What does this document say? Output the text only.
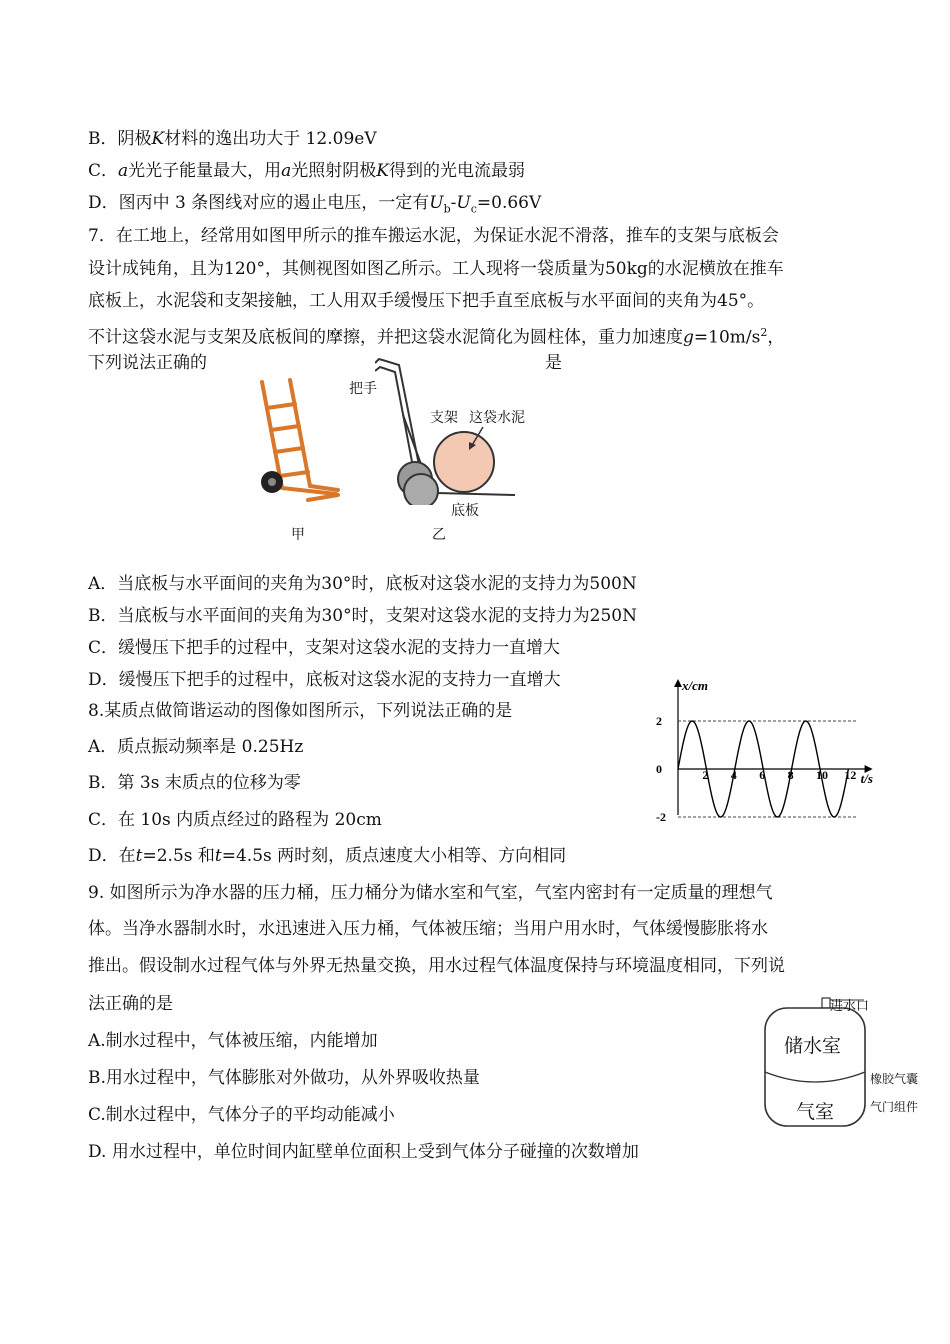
B．阴极K材料的逸出功大于 12.09eV
C．a光光子能量最大，用a光照射阴极K得到的光电流最弱
D．图丙中 3 条图线对应的遏止电压，一定有$U_b-U_c=0.66V$
7．在工地上，经常用如图甲所示的推车搬运水泥，为保证水泥不滑落，推车的支架与底板会
设计成钝角，且为120°，其侧视图如图乙所示。工人现将一袋质量为50kg的水泥横放在推车
底板上，水泥袋和支架接触，工人用双手缓慢压下把手直至底板与水平面间的夹角为45°。
不计这袋水泥与支架及底板间的摩擦，并把这袋水泥简化为圆柱体，重力加速度$g=10m/s^2$，
下列说法正确的	是
把手
支架 这袋水泥
底板
甲	乙
A．当底板与水平面间的夹角为30°时，底板对这袋水泥的支持力为500N
B．当底板与水平面间的夹角为30°时，支架对这袋水泥的支持力为250N
C．缓慢压下把手的过程中，支架对这袋水泥的支持力一直增大
D．缓慢压下把手的过程中，底板对这袋水泥的支持力一直增大
8.某质点做简谐运动的图像如图所示，下列说法正确的是
A．质点振动频率是 0.25Hz
B．第 3s 末质点的位移为零
C．在 10s 内质点经过的路程为 20cm
D．在t=2.5s 和t=4.5s 两时刻，质点速度大小相等、方向相同
2 4 6 8 10 12
2
0
-2
x/cm
t/s
9. 如图所示为净水器的压力桶，压力桶分为储水室和气室，气室内密封有一定质量的理想气
体。当净水器制水时，水迅速进入压力桶，气体被压缩；当用户用水时，气体缓慢膨胀将水
推出。假设制水过程气体与外界无热量交换，用水过程气体温度保持与环境温度相同，下列说
法正确的是
A.制水过程中，气体被压缩，内能增加
B.用水过程中，气体膨胀对外做功，从外界吸收热量
C.制水过程中，气体分子的平均动能减小
D. 用水过程中，单位时间内缸壁单位面积上受到气体分子碰撞的次数增加
进水口
储水室
气室
橡胶气囊
气门组件
